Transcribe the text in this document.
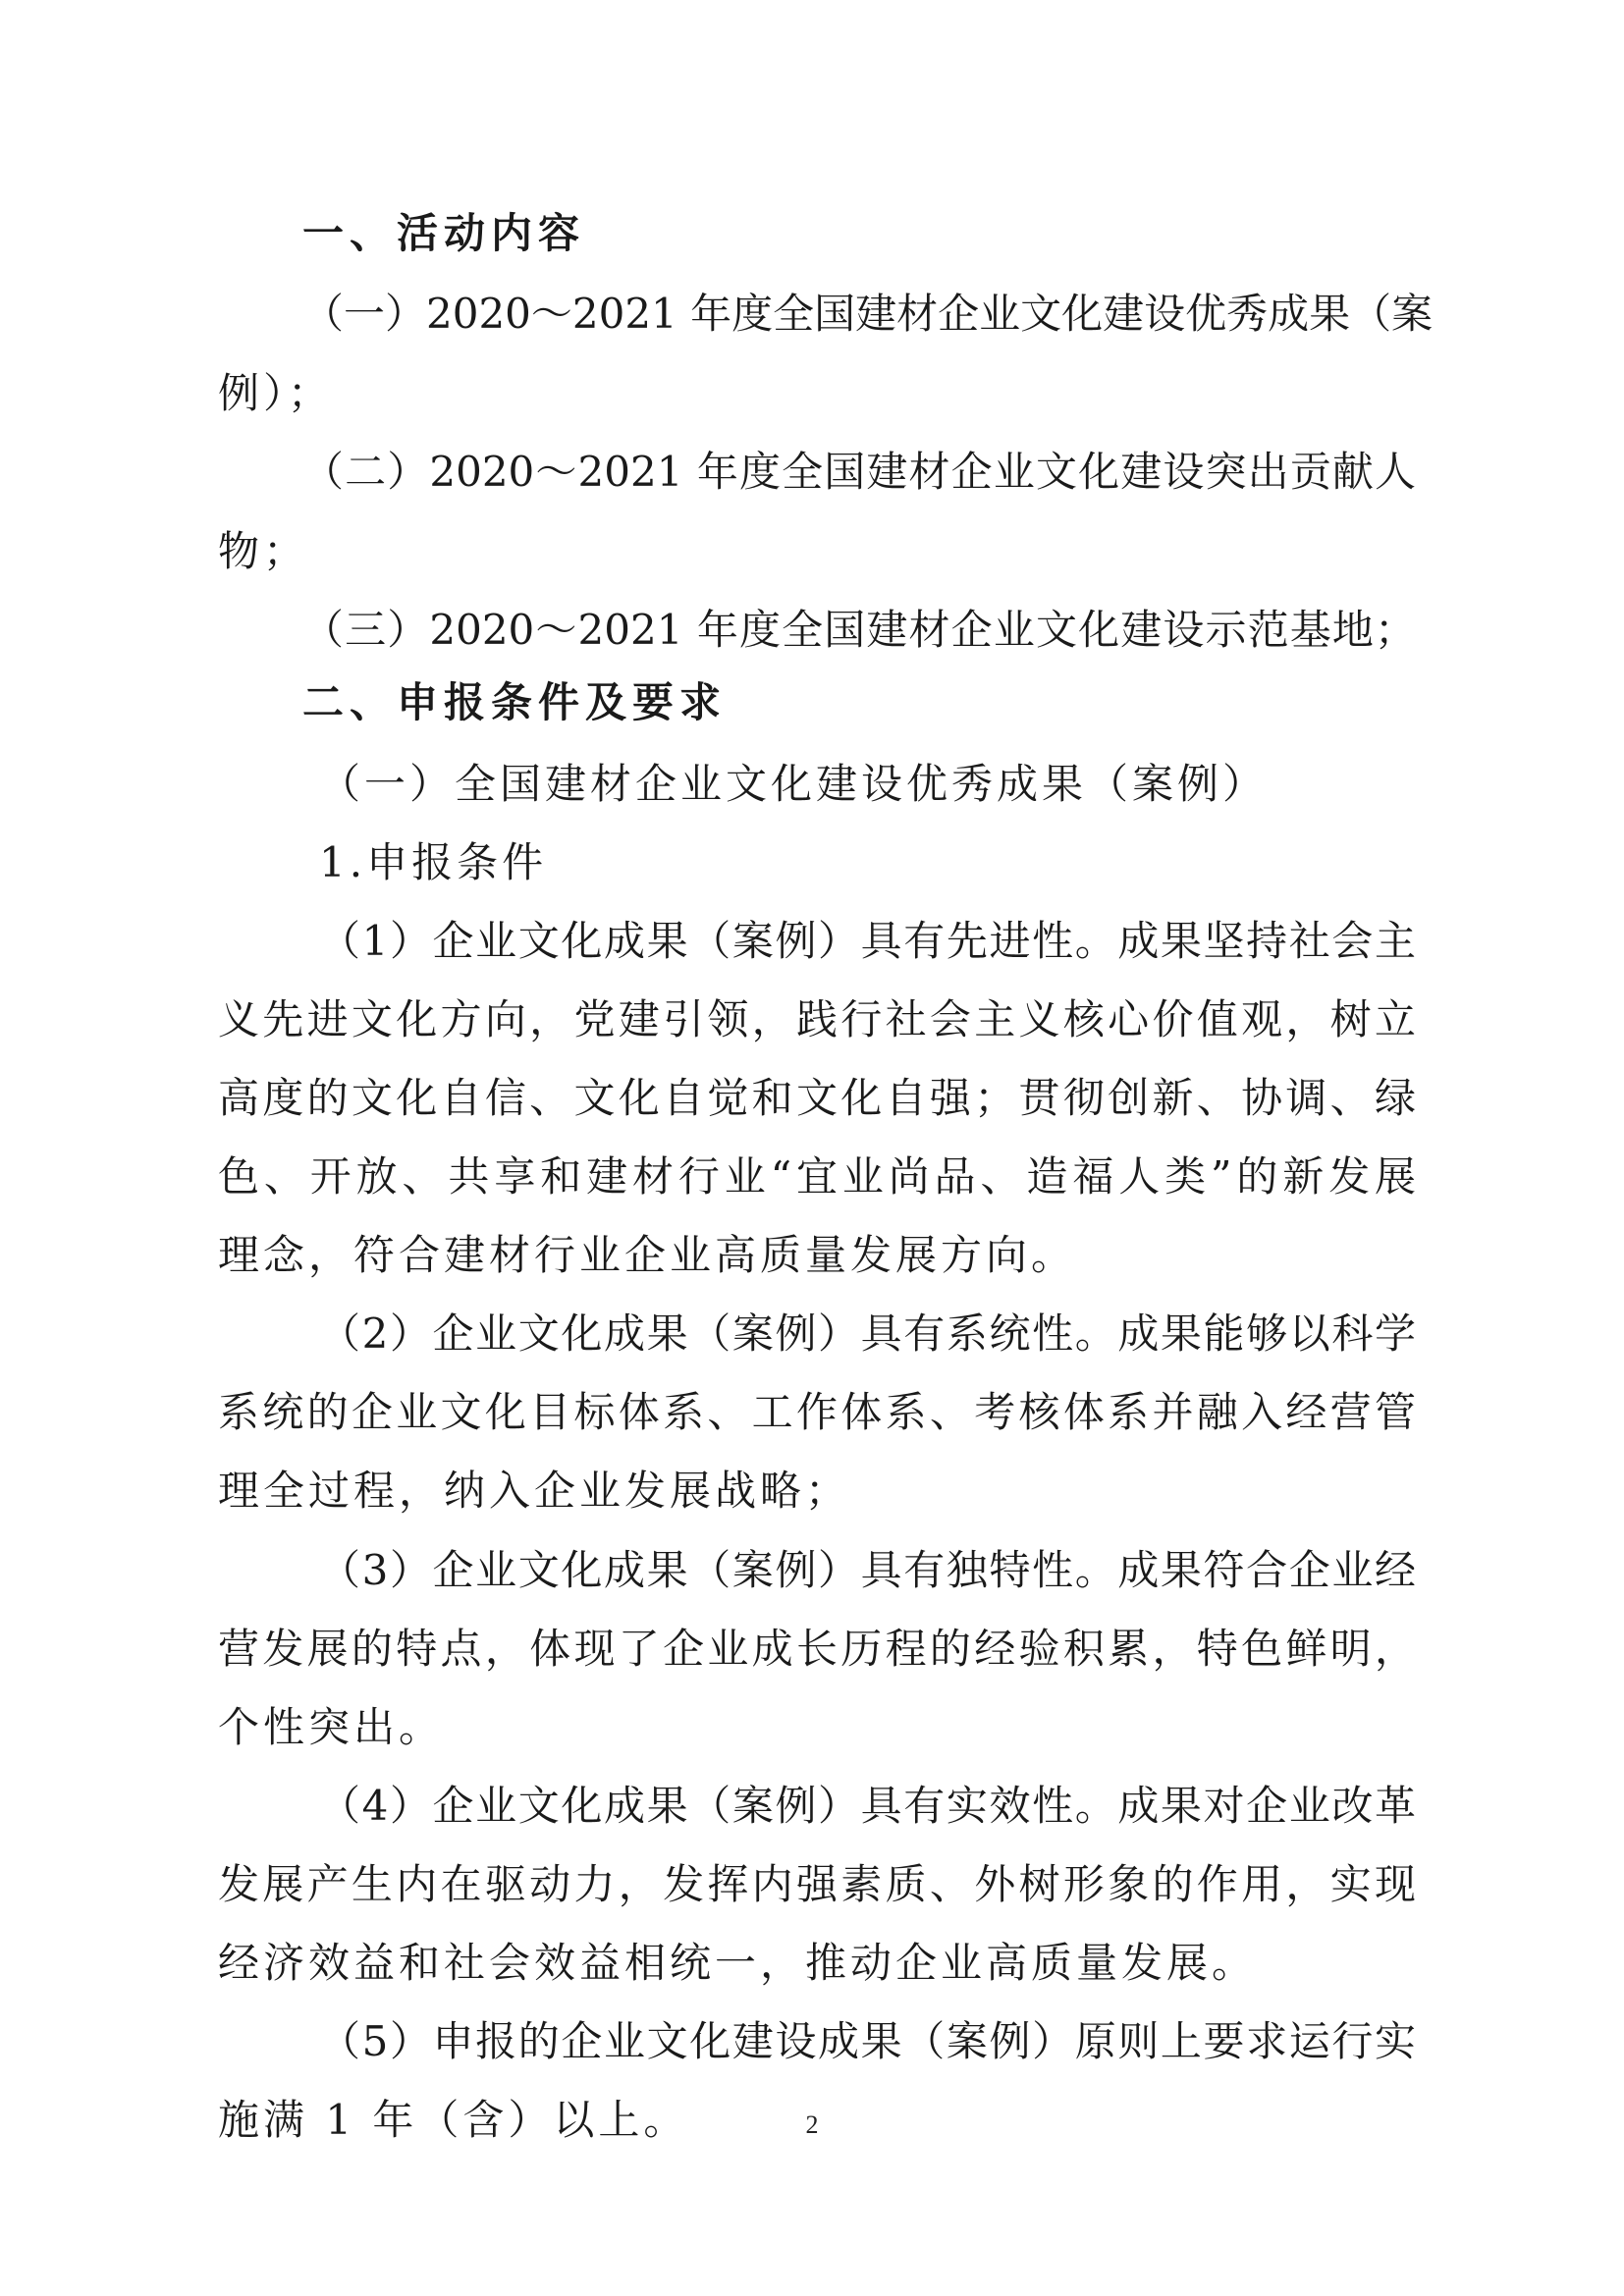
一、活动内容
（一）2020～2021 年度全国建材企业文化建设优秀成果（案
例）；
（二）2020～2021 年度全国建材企业文化建设突出贡献人
物；
（三）2020～2021 年度全国建材企业文化建设示范基地；
二、申报条件及要求
（一）全国建材企业文化建设优秀成果（案例）
1.申报条件
（1）企业文化成果（案例）具有先进性。成果坚持社会主
义先进文化方向，党建引领，践行社会主义核心价值观，树立
高度的文化自信、文化自觉和文化自强；贯彻创新、协调、绿
色、开放、共享和建材行业“宜业尚品、造福人类”的新发展
理念，符合建材行业企业高质量发展方向。
（2）企业文化成果（案例）具有系统性。成果能够以科学
系统的企业文化目标体系、工作体系、考核体系并融入经营管
理全过程，纳入企业发展战略；
（3）企业文化成果（案例）具有独特性。成果符合企业经
营发展的特点，体现了企业成长历程的经验积累，特色鲜明，
个性突出。
（4）企业文化成果（案例）具有实效性。成果对企业改革
发展产生内在驱动力，发挥内强素质、外树形象的作用，实现
经济效益和社会效益相统一，推动企业高质量发展。
（5）申报的企业文化建设成果（案例）原则上要求运行实
施满 1 年（含）以上。	2
